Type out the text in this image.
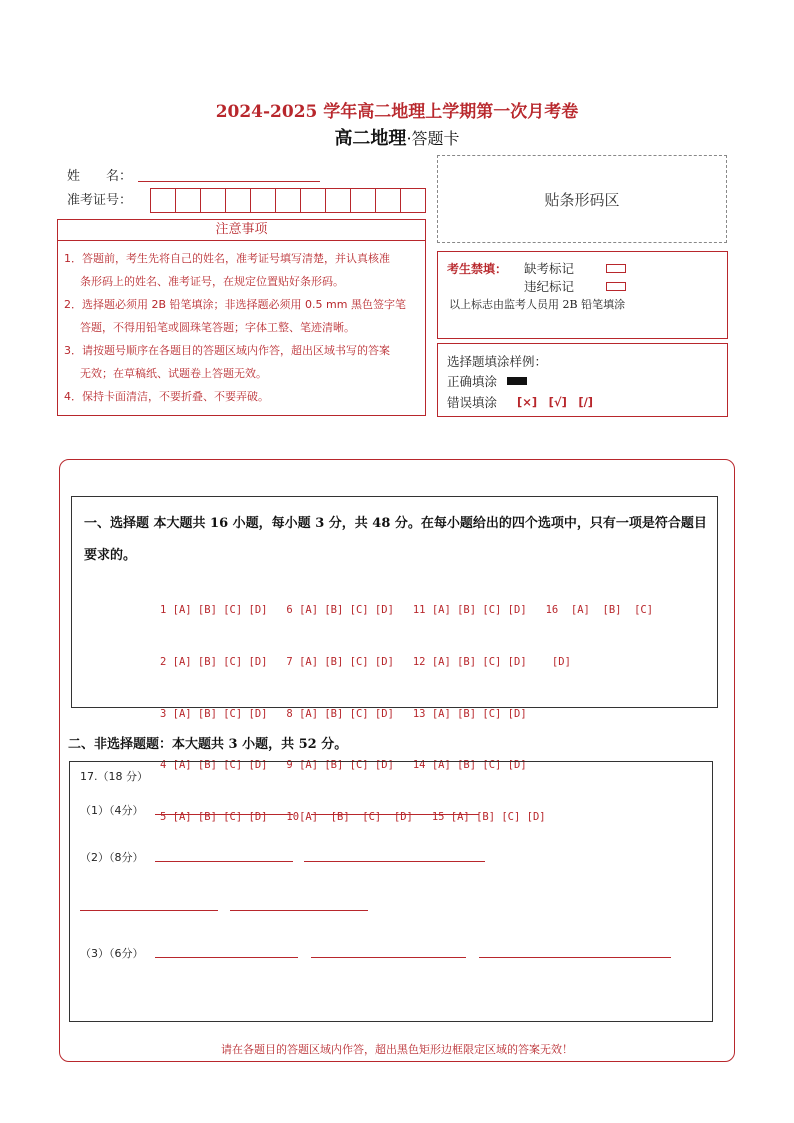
2024-2025 学年高二地理上学期第一次月考卷
高二地理·答题卡
姓　　名：
准考证号：	贴条形码区
注意事项
1．答题前，考生先将自己的姓名，准考证号填写清楚，并认真核准
条形码上的姓名、准考证号，在规定位置贴好条形码。
2．选择题必须用 2B 铅笔填涂；非选择题必须用 0.5 mm 黑色签字笔
答题，不得用铅笔或圆珠笔答题；字体工整、笔迹清晰。
3．请按题号顺序在各题目的答题区域内作答，超出区域书写的答案
无效；在草稿纸、试题卷上答题无效。
4．保持卡面清洁，不要折叠、不要弄破。
考生禁填： 缺考标记
违纪标记
以上标志由监考人员用 2B 铅笔填涂
选择题填涂样例：
正确填涂
错误填涂 [×]　[√]　[/]
一、选择题 本大题共 16 小题，每小题 3 分，共 48 分。在每小题给出的四个选项中，只有一项是符合题目要求的。

1 [A] [B] [C] [D]   6 [A] [B] [C] [D]   11 [A] [B] [C] [D]   16  [A]  [B]  [C]

2 [A] [B] [C] [D]   7 [A] [B] [C] [D]   12 [A] [B] [C] [D]    [D]

3 [A] [B] [C] [D]   8 [A] [B] [C] [D]   13 [A] [B] [C] [D]

4 [A] [B] [C] [D]   9 [A] [B] [C] [D]   14 [A] [B] [C] [D]

5 [A] [B] [C] [D]   10[A]  [B]  [C]  [D]   15 [A] [B] [C] [D]

二、非选择题题：本大题共 3 小题，共 52 分。
17.（18 分）
（1）（4分）
（2）（8分）
（3）（6分）
请在各题目的答题区域内作答，超出黑色矩形边框限定区域的答案无效！
